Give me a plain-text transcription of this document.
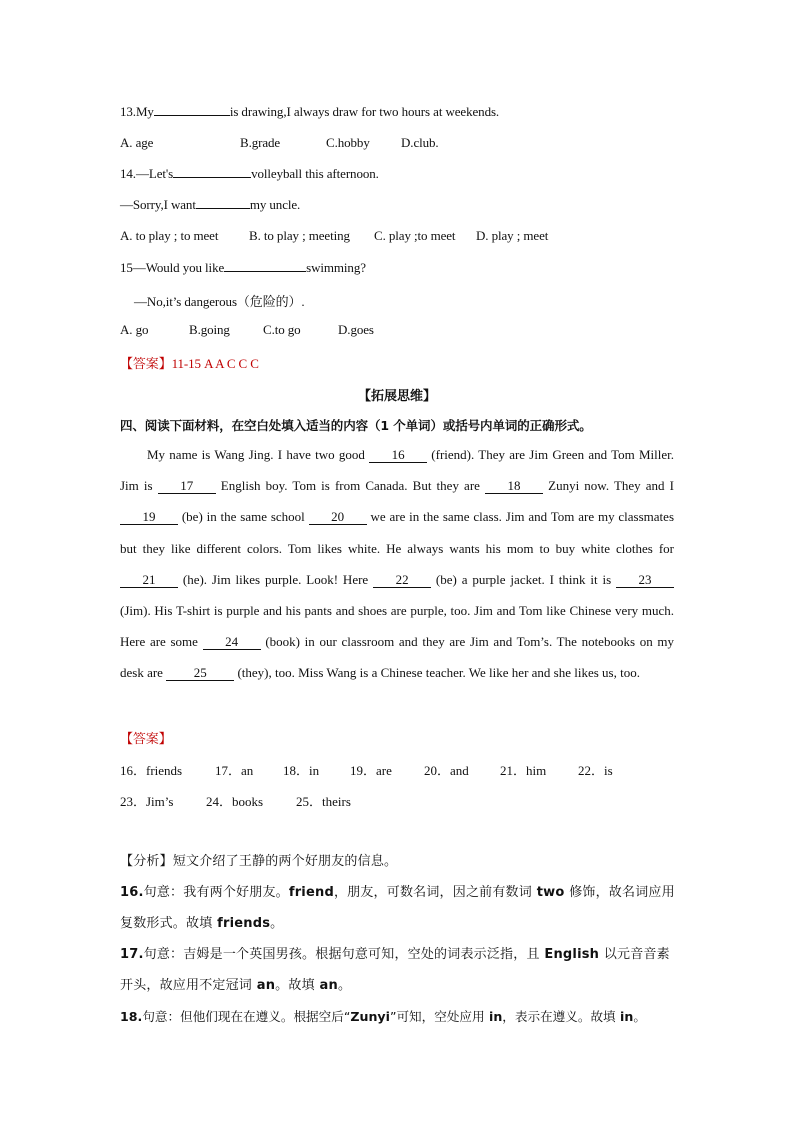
13.My	is drawing,I always draw for two hours at weekends.
A. age	B.grade	C.hobby D.club.
14.—Let's	volleyball this afternoon.
—Sorry,I want	my uncle.
A. to play ; to meet B. to play ; meeting C. play ;to meet D. play ; meet
15—Would you like	swimming?
—No,it’s dangerous（危险的）.
A. go	B.going	C.to go	D.goes
【答案】11-15 A A C C C
【拓展思维】
四、阅读下面材料，在空白处填入适当的内容（1 个单词）或括号内单词的正确形式。
My name is Wang Jing. I have two good 16 (friend). They are Jim Green and Tom Miller. Jim is 17 English boy. Tom is from Canada. But they are 18 Zunyi now. They and I 19 (be) in the same school 20 we are in the same class. Jim and Tom are my classmates but they like different colors. Tom likes white. He always wants his mom to buy white clothes for 21 (he). Jim likes purple. Look! Here 22 (be) a purple jacket. I think it is 23 (Jim). His T-shirt is purple and his pants and shoes are purple, too. Jim and Tom like Chinese very much. Here are some 24 (book) in our classroom and they are Jim and Tom’s. The notebooks on my desk are 25 (they), too. Miss Wang is a Chinese teacher. We like her and she likes us, too.
【答案】
16．friends	17．an 18．in 19．are 20．and 21．him 22．is
23．Jim’s	24．books	25．theirs
【分析】短文介绍了王静的两个好朋友的信息。
16.句意：我有两个好朋友。friend，朋友，可数名词，因之前有数词 two 修饰，故名词应用复数形式。故填 friends。
17.句意：吉姆是一个英国男孩。根据句意可知，空处的词表示泛指，且 English 以元音音素开头，故应用不定冠词 an。故填 an。
18.句意：但他们现在在遵义。根据空后“Zunyi”可知，空处应用 in，表示在遵义。故填 in。
